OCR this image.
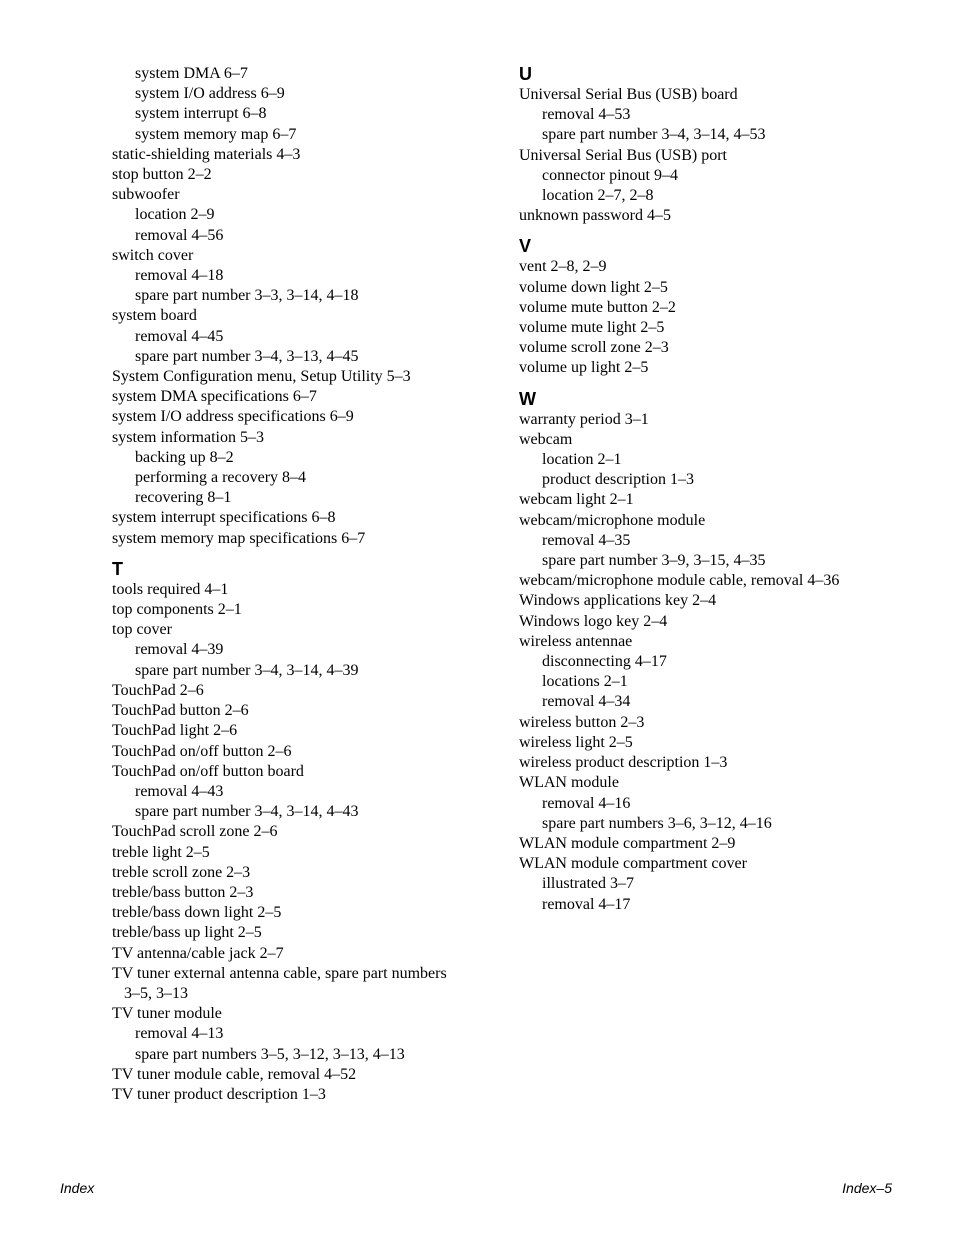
system DMA 6–7
system I/O address 6–9
system interrupt 6–8
system memory map 6–7
static-shielding materials 4–3
stop button 2–2
subwoofer
location 2–9
removal 4–56
switch cover
removal 4–18
spare part number 3–3, 3–14, 4–18
system board
removal 4–45
spare part number 3–4, 3–13, 4–45
System Configuration menu, Setup Utility 5–3
system DMA specifications 6–7
system I/O address specifications 6–9
system information 5–3
backing up 8–2
performing a recovery 8–4
recovering 8–1
system interrupt specifications 6–8
system memory map specifications 6–7
T
tools required 4–1
top components 2–1
top cover
removal 4–39
spare part number 3–4, 3–14, 4–39
TouchPad 2–6
TouchPad button 2–6
TouchPad light 2–6
TouchPad on/off button 2–6
TouchPad on/off button board
removal 4–43
spare part number 3–4, 3–14, 4–43
TouchPad scroll zone 2–6
treble light 2–5
treble scroll zone 2–3
treble/bass button 2–3
treble/bass down light 2–5
treble/bass up light 2–5
TV antenna/cable jack 2–7
TV tuner external antenna cable, spare part numbers
3–5, 3–13
TV tuner module
removal 4–13
spare part numbers 3–5, 3–12, 3–13, 4–13
TV tuner module cable, removal 4–52
TV tuner product description 1–3
U
Universal Serial Bus (USB) board
removal 4–53
spare part number 3–4, 3–14, 4–53
Universal Serial Bus (USB) port
connector pinout 9–4
location 2–7, 2–8
unknown password 4–5
V
vent 2–8, 2–9
volume down light 2–5
volume mute button 2–2
volume mute light 2–5
volume scroll zone 2–3
volume up light 2–5
W
warranty period 3–1
webcam
location 2–1
product description 1–3
webcam light 2–1
webcam/microphone module
removal 4–35
spare part number 3–9, 3–15, 4–35
webcam/microphone module cable, removal 4–36
Windows applications key 2–4
Windows logo key 2–4
wireless antennae
disconnecting 4–17
locations 2–1
removal 4–34
wireless button 2–3
wireless light 2–5
wireless product description 1–3
WLAN module
removal 4–16
spare part numbers 3–6, 3–12, 4–16
WLAN module compartment 2–9
WLAN module compartment cover
illustrated 3–7
removal 4–17
Index	Index–5
